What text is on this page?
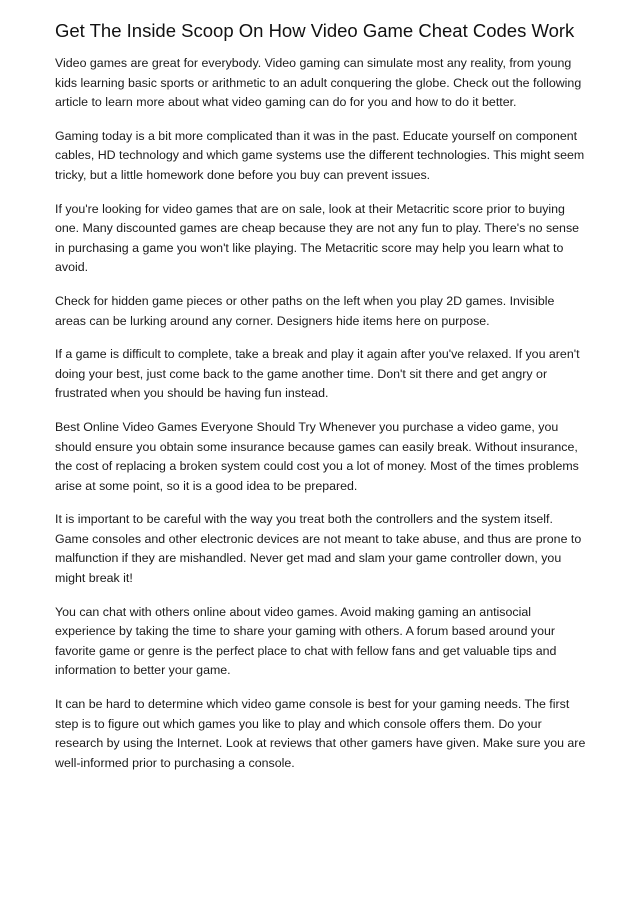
Get The Inside Scoop On How Video Game Cheat Codes Work

Video games are great for everybody. Video gaming can simulate most any reality, from young kids learning basic sports or arithmetic to an adult conquering the globe. Check out the following article to learn more about what video gaming can do for you and how to do it better.

Gaming today is a bit more complicated than it was in the past. Educate yourself on component cables, HD technology and which game systems use the different technologies. This might seem tricky, but a little homework done before you buy can prevent issues.

If you're looking for video games that are on sale, look at their Metacritic score prior to buying one. Many discounted games are cheap because they are not any fun to play. There's no sense in purchasing a game you won't like playing. The Metacritic score may help you learn what to avoid.

Check for hidden game pieces or other paths on the left when you play 2D games. Invisible areas can be lurking around any corner. Designers hide items here on purpose.

If a game is difficult to complete, take a break and play it again after you've relaxed. If you aren't doing your best, just come back to the game another time. Don't sit there and get angry or frustrated when you should be having fun instead.

Best Online Video Games Everyone Should Try Whenever you purchase a video game, you should ensure you obtain some insurance because games can easily break. Without insurance, the cost of replacing a broken system could cost you a lot of money. Most of the times problems arise at some point, so it is a good idea to be prepared.

It is important to be careful with the way you treat both the controllers and the system itself. Game consoles and other electronic devices are not meant to take abuse, and thus are prone to malfunction if they are mishandled. Never get mad and slam your game controller down, you might break it!

You can chat with others online about video games. Avoid making gaming an antisocial experience by taking the time to share your gaming with others. A forum based around your favorite game or genre is the perfect place to chat with fellow fans and get valuable tips and information to better your game.

It can be hard to determine which video game console is best for your gaming needs. The first step is to figure out which games you like to play and which console offers them. Do your research by using the Internet. Look at reviews that other gamers have given. Make sure you are well-informed prior to purchasing a console.
